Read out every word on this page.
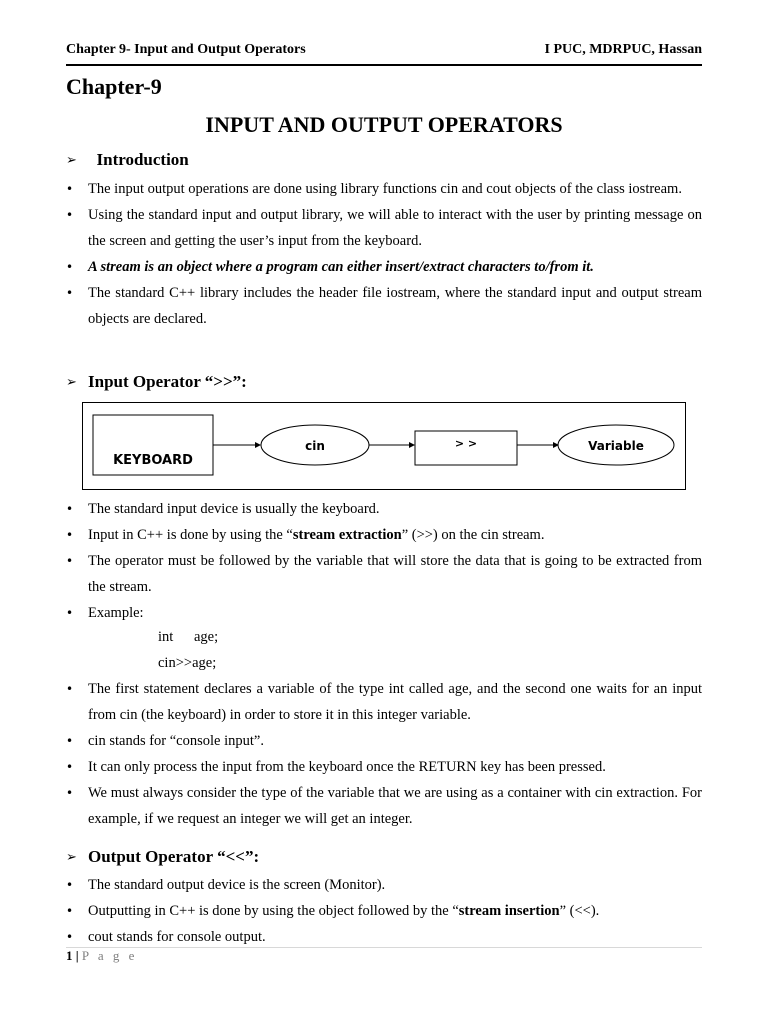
Chapter 9- Input and Output Operators	I PUC, MDRPUC, Hassan
Chapter-9
INPUT AND OUTPUT OPERATORS
➢ Introduction
• The input output operations are done using library functions cin and cout objects of the class iostream.
• Using the standard input and output library, we will able to interact with the user by printing message on the screen and getting the user’s input from the keyboard.
• A stream is an object where a program can either insert/extract characters to/from it.
• The standard C++ library includes the header file iostream, where the standard input and output stream objects are declared.
➢ Input Operator “>>”:
KEYBOARD
cin	> >	Variable
• The standard input device is usually the keyboard.
• Input in C++ is done by using the “stream extraction” (>>) on the cin stream.
• The operator must be followed by the variable that will store the data that is going to be extracted from the stream.
• Example:
int age;
cin>>age;
• The first statement declares a variable of the type int called age, and the second one waits for an input from cin (the keyboard) in order to store it in this integer variable.
• cin stands for “console input”.
• It can only process the input from the keyboard once the RETURN key has been pressed.
• We must always consider the type of the variable that we are using as a container with cin extraction. For example, if we request an integer we will get an integer.
➢ Output Operator “<<”:
• The standard output device is the screen (Monitor).
• Outputting in C++ is done by using the object followed by the “stream insertion” (<<).
• cout stands for console output.
1 | P a g e
